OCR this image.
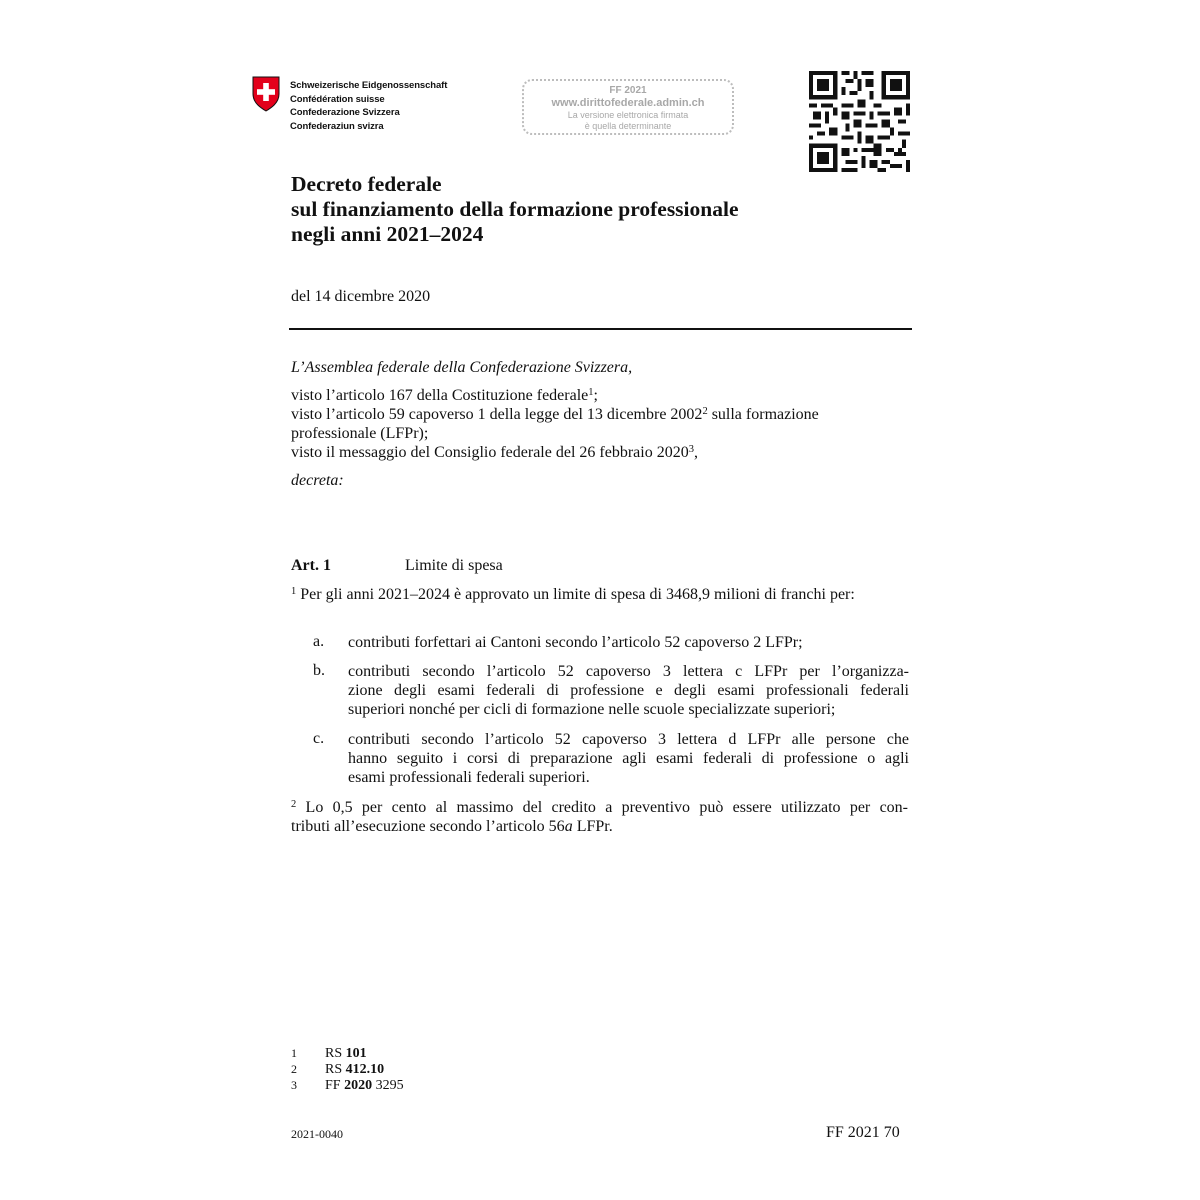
Schweizerische Eidgenossenschaft
Confédération suisse
Confederazione Svizzera
Confederaziun svizra
FF 2021
www.dirittofederale.admin.ch
La versione elettronica firmata
è quella determinante
Decreto federale
sul finanziamento della formazione professionale
negli anni 2021–2024
del 14 dicembre 2020
L’Assemblea federale della Confederazione Svizzera,
visto l’articolo 167 della Costituzione federale$^1$;
visto l’articolo 59 capoverso 1 della legge del 13 dicembre 2002$^2$ sulla formazione
professionale (LFPr);
visto il messaggio del Consiglio federale del 26 febbraio 2020$^3$,
decreta:
Art. 1	Limite di spesa
$^1$ Per gli anni 2021–2024 è approvato un limite di spesa di 3468,9 milioni di franchi per:
a. contributi forfettari ai Cantoni secondo l’articolo 52 capoverso 2 LFPr;
b. contributi secondo l’articolo 52 capoverso 3 lettera c LFPr per l’organizza-
zione degli esami federali di professione e degli esami professionali federali
superiori nonché per cicli di formazione nelle scuole specializzate superiori;
c. contributi secondo l’articolo 52 capoverso 3 lettera d LFPr alle persone che
hanno seguito i corsi di preparazione agli esami federali di professione o agli
esami professionali federali superiori.
$^2$ Lo 0,5 per cento al massimo del credito a preventivo può essere utilizzato per con-
tributi all’esecuzione secondo l’articolo 56a LFPr.
1 RS 101
2 RS 412.10
3 FF 2020 3295
2021-0040	FF 2021 70
